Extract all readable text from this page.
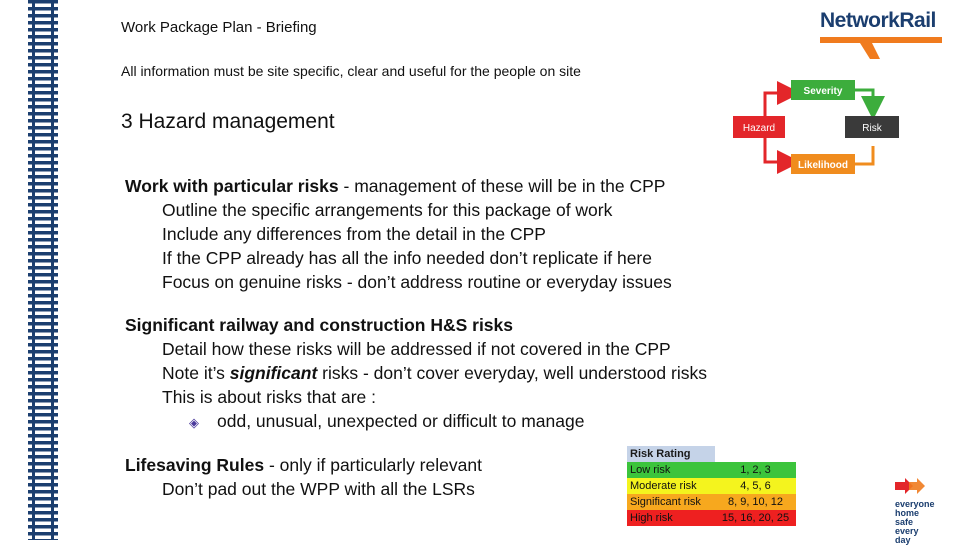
Work Package Plan - Briefing
All information must be site specific, clear and useful for the people on site
3 Hazard management
NetworkRail
Hazard
Severity
Likelihood
Risk
Work with particular risks - management of these will be in the CPP
Outline the specific arrangements for this package of work
Include any differences from the detail in the CPP
If the CPP already has all the info needed don’t replicate if here
Focus on genuine risks - don’t address routine or everyday issues
Significant railway and construction H&S risks
Detail how these risks will be addressed if not covered in the CPP
Note it’s significant risks - don’t cover everyday, well understood risks
This is about risks that are :
◈ odd, unusual, unexpected or difficult to manage
Lifesaving Rules - only if particularly relevant
Don’t pad out the WPP with all the LSRs
Risk Rating	
Low risk	1, 2, 3
Moderate risk	4, 5, 6
Significant risk	8, 9, 10, 12
High risk	15, 16, 20, 25
everyone
home safe
every day
